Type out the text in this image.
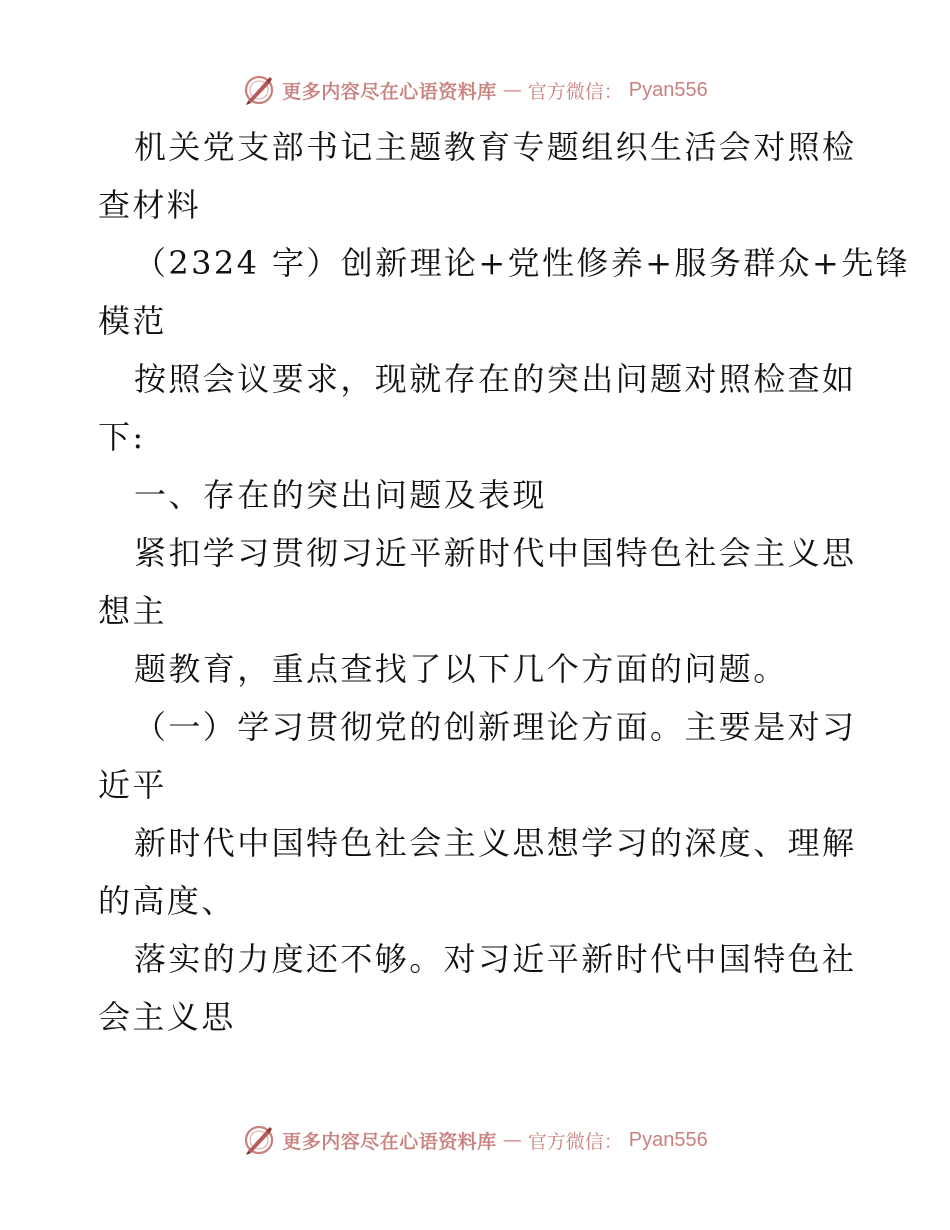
更多内容尽在心语资料库 — 官方微信： Pyan556
机关党支部书记主题教育专题组织生活会对照检
查材料
（2324 字）创新理论+党性修养+服务群众+先锋
模范
按照会议要求，现就存在的突出问题对照检查如
下:
一、存在的突出问题及表现
紧扣学习贯彻习近平新时代中国特色社会主义思
想主
题教育，重点查找了以下几个方面的问题。
（一）学习贯彻党的创新理论方面。主要是对习
近平
新时代中国特色社会主义思想学习的深度、理解
的高度、
落实的力度还不够。对习近平新时代中国特色社
会主义思
更多内容尽在心语资料库 — 官方微信： Pyan556
